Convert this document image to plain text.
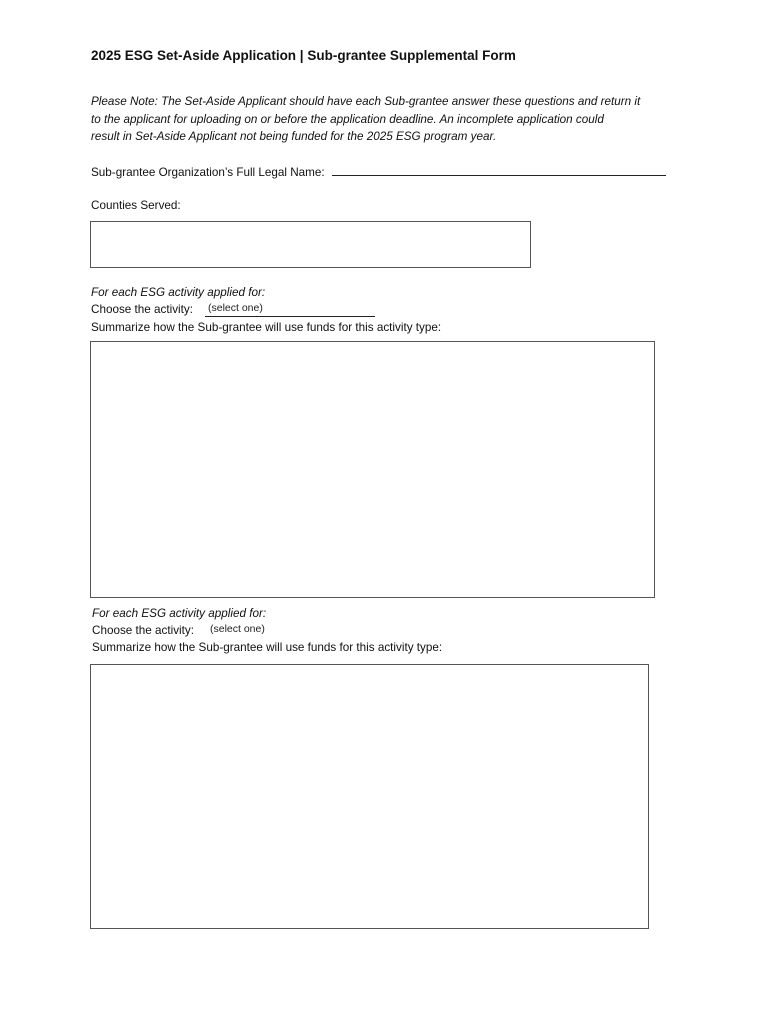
2025 ESG Set-Aside Application | Sub-grantee Supplemental Form
Please Note: The Set-Aside Applicant should have each Sub-grantee answer these questions and return it
to the applicant for uploading on or before the application deadline. An incomplete application could
result in Set-Aside Applicant not being funded for the 2025 ESG program year.
Sub-grantee Organization’s Full Legal Name:
Counties Served:
For each ESG activity applied for:
Choose the activity: (select one)
Summarize how the Sub-grantee will use funds for this activity type:
For each ESG activity applied for:
Choose the activity: (select one)
Summarize how the Sub-grantee will use funds for this activity type:
